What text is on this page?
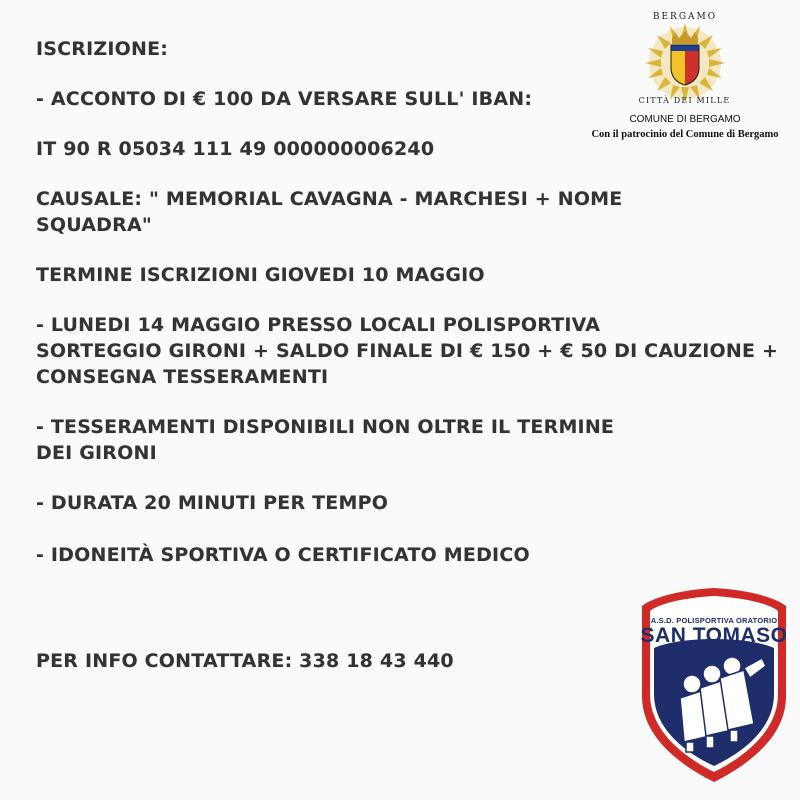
ISCRIZIONE:
- ACCONTO DI € 100 DA VERSARE SULL' IBAN:
IT 90 R 05034 111 49 000000006240
CAUSALE: " MEMORIAL CAVAGNA - MARCHESI + NOME
SQUADRA"
TERMINE ISCRIZIONI GIOVEDI 10 MAGGIO
- LUNEDI 14 MAGGIO PRESSO LOCALI POLISPORTIVA
SORTEGGIO GIRONI + SALDO FINALE DI € 150 + € 50 DI CAUZIONE +
CONSEGNA TESSERAMENTI
- TESSERAMENTI DISPONIBILI NON OLTRE IL TERMINE
DEI GIRONI
- DURATA 20 MINUTI PER TEMPO
- IDONEITÀ SPORTIVA O CERTIFICATO MEDICO
PER INFO CONTATTARE: 338 18 43 440
BERGAMO
CITTÀ DEI MILLE
COMUNE DI BERGAMO
Con il patrocinio del Comune di Bergamo
A.S.D. POLISPORTIVA ORATORIO
SAN TOMASO
